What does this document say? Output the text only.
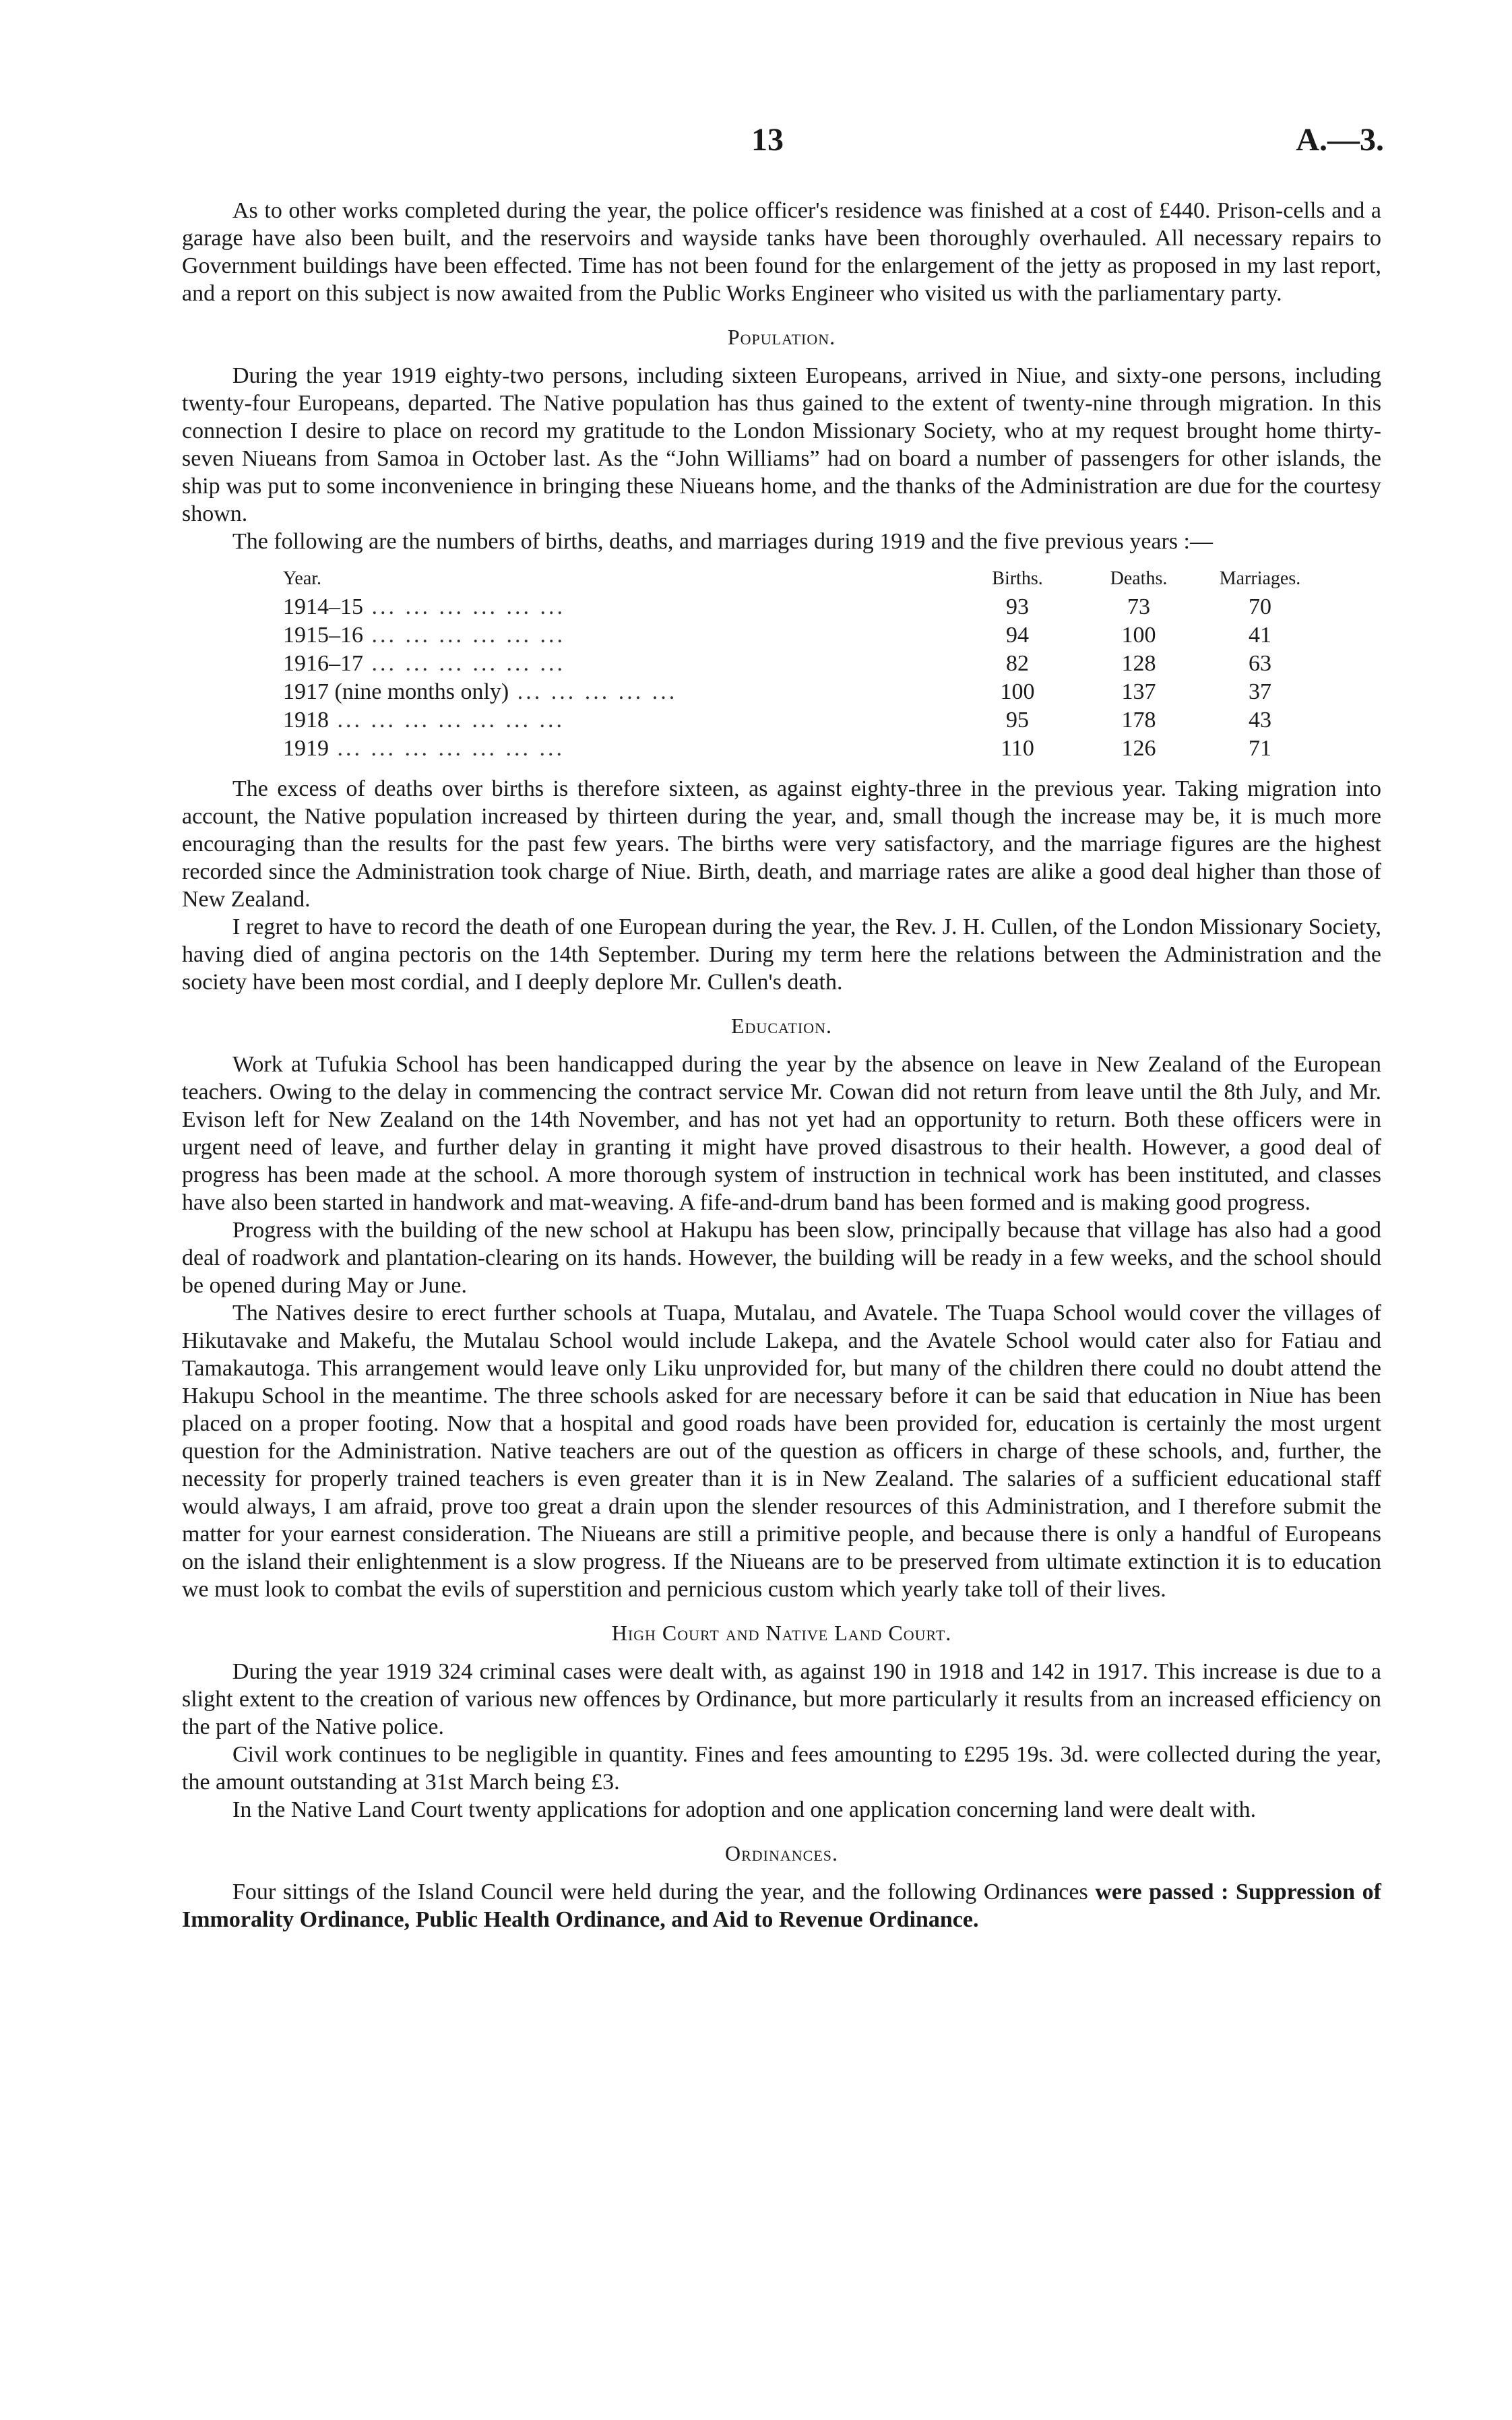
13	A.—3.

As to other works completed during the year, the police officer's residence was finished at a cost of £440. Prison-cells and a garage have also been built, and the reservoirs and wayside tanks have been thoroughly overhauled. All necessary repairs to Government buildings have been effected. Time has not been found for the enlargement of the jetty as proposed in my last report, and a report on this subject is now awaited from the Public Works Engineer who visited us with the parliamentary party.

Population.

During the year 1919 eighty-two persons, including sixteen Europeans, arrived in Niue, and sixty-one persons, including twenty-four Europeans, departed. The Native population has thus gained to the extent of twenty-nine through migration. In this connection I desire to place on record my gratitude to the London Missionary Society, who at my request brought home thirty-seven Niueans from Samoa in October last. As the “John Williams” had on board a number of passengers for other islands, the ship was put to some inconvenience in bringing these Niueans home, and the thanks of the Administration are due for the courtesy shown.

The following are the numbers of births, deaths, and marriages during 1919 and the five previous years :—

Year.	Births.	Deaths.	Marriages.
1914–15 ... ... ... ... ... ...	93	73	70
1915–16 ... ... ... ... ... ...	94	100	41
1916–17 ... ... ... ... ... ...	82	128	63
1917 (nine months only) ... ... ... ... ...	100	137	37
1918 ... ... ... ... ... ... ...	95	178	43
1919 ... ... ... ... ... ... ...	110	126	71

The excess of deaths over births is therefore sixteen, as against eighty-three in the previous year. Taking migration into account, the Native population increased by thirteen during the year, and, small though the increase may be, it is much more encouraging than the results for the past few years. The births were very satisfactory, and the marriage figures are the highest recorded since the Administration took charge of Niue. Birth, death, and marriage rates are alike a good deal higher than those of New Zealand.

I regret to have to record the death of one European during the year, the Rev. J. H. Cullen, of the London Missionary Society, having died of angina pectoris on the 14th September. During my term here the relations between the Administration and the society have been most cordial, and I deeply deplore Mr. Cullen's death.

Education.

Work at Tufukia School has been handicapped during the year by the absence on leave in New Zealand of the European teachers. Owing to the delay in commencing the contract service Mr. Cowan did not return from leave until the 8th July, and Mr. Evison left for New Zealand on the 14th November, and has not yet had an opportunity to return. Both these officers were in urgent need of leave, and further delay in granting it might have proved disastrous to their health. However, a good deal of progress has been made at the school. A more thorough system of instruction in technical work has been instituted, and classes have also been started in handwork and mat-weaving. A fife-and-drum band has been formed and is making good progress.

Progress with the building of the new school at Hakupu has been slow, principally because that village has also had a good deal of roadwork and plantation-clearing on its hands. However, the building will be ready in a few weeks, and the school should be opened during May or June.

The Natives desire to erect further schools at Tuapa, Mutalau, and Avatele. The Tuapa School would cover the villages of Hikutavake and Makefu, the Mutalau School would include Lakepa, and the Avatele School would cater also for Fatiau and Tamakautoga. This arrangement would leave only Liku unprovided for, but many of the children there could no doubt attend the Hakupu School in the meantime. The three schools asked for are necessary before it can be said that education in Niue has been placed on a proper footing. Now that a hospital and good roads have been provided for, education is certainly the most urgent question for the Administration. Native teachers are out of the question as officers in charge of these schools, and, further, the necessity for properly trained teachers is even greater than it is in New Zealand. The salaries of a sufficient educational staff would always, I am afraid, prove too great a drain upon the slender resources of this Administration, and I therefore submit the matter for your earnest consideration. The Niueans are still a primitive people, and because there is only a handful of Europeans on the island their enlightenment is a slow progress. If the Niueans are to be preserved from ultimate extinction it is to education we must look to combat the evils of superstition and pernicious custom which yearly take toll of their lives.

High Court and Native Land Court.

During the year 1919 324 criminal cases were dealt with, as against 190 in 1918 and 142 in 1917. This increase is due to a slight extent to the creation of various new offences by Ordinance, but more particularly it results from an increased efficiency on the part of the Native police.

Civil work continues to be negligible in quantity. Fines and fees amounting to £295 19s. 3d. were collected during the year, the amount outstanding at 31st March being £3.

In the Native Land Court twenty applications for adoption and one application concerning land were dealt with.

Ordinances.

Four sittings of the Island Council were held during the year, and the following Ordinances were passed : Suppression of Immorality Ordinance, Public Health Ordinance, and Aid to Revenue Ordinance.
